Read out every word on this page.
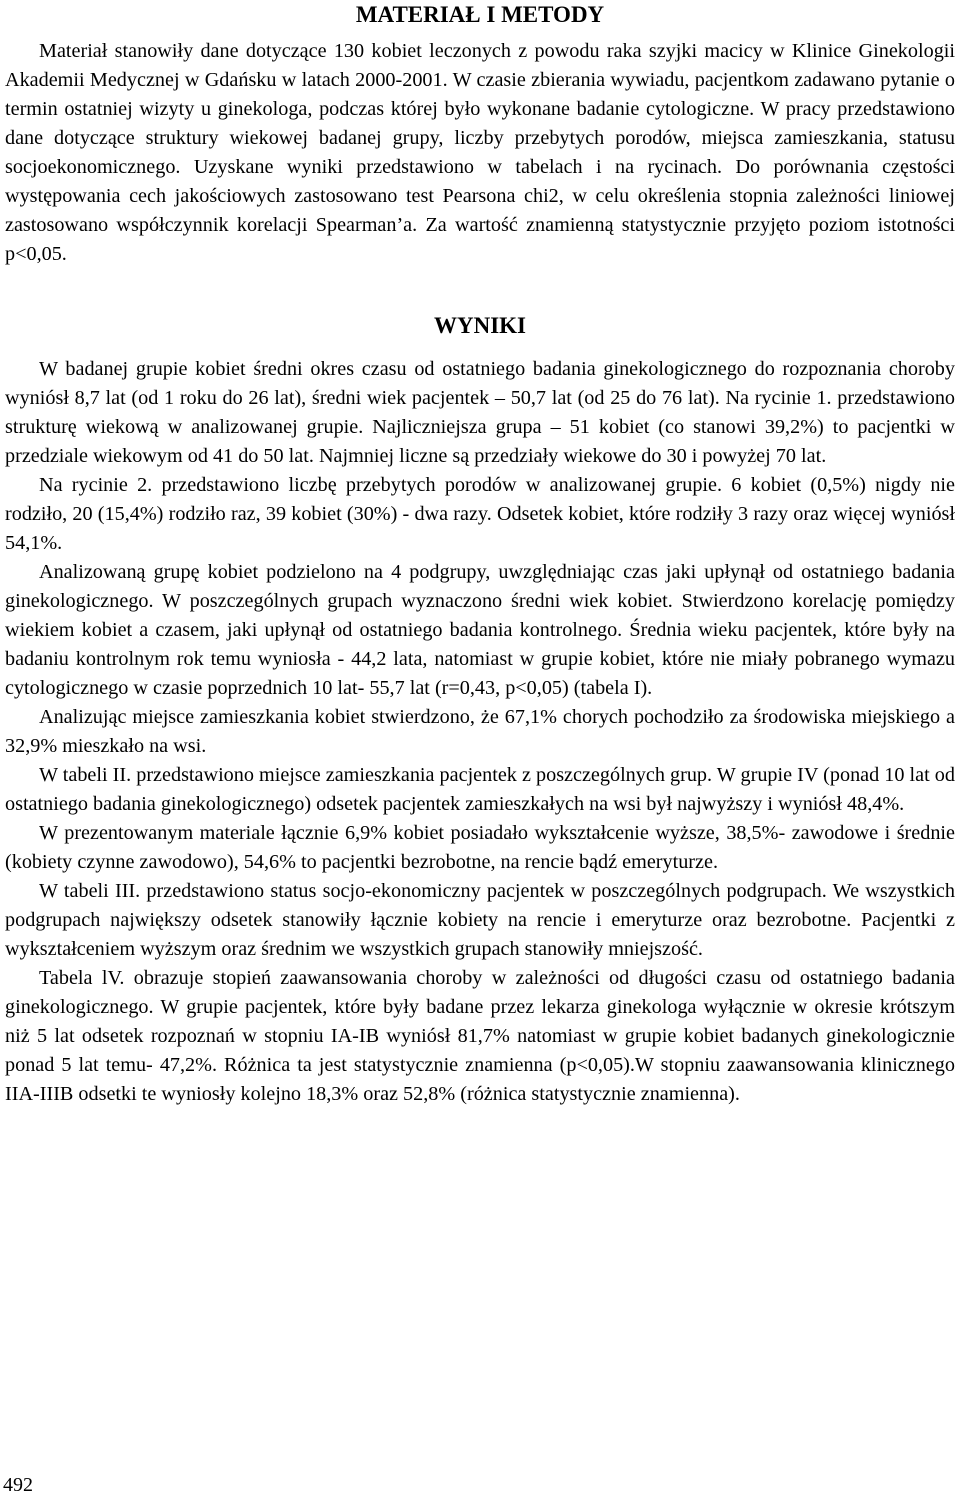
MATERIAŁ I METODY

Materiał stanowiły dane dotyczące 130 kobiet leczonych z powodu raka szyjki macicy w Klinice Ginekologii Akademii Medycznej w Gdańsku w latach 2000-2001. W czasie zbierania wywiadu, pacjentkom zadawano pytanie o termin ostatniej wizyty u ginekologa, podczas której było wykonane badanie cytologiczne. W pracy przedstawiono dane dotyczące struktury wiekowej badanej grupy, liczby przebytych porodów, miejsca zamieszkania, statusu socjoekonomicznego. Uzyskane wyniki przedstawiono w tabelach i na rycinach. Do porównania częstości występowania cech jakościowych zastosowano test Pearsona chi2, w celu określenia stopnia zależności liniowej zastosowano współczynnik korelacji Spearman’a. Za wartość znamienną statystycznie przyjęto poziom istotności p<0,05.

WYNIKI

W badanej grupie kobiet średni okres czasu od ostatniego badania ginekologicznego do rozpoznania choroby wyniósł 8,7 lat (od 1 roku do 26 lat), średni wiek pacjentek – 50,7 lat (od 25 do 76 lat). Na rycinie 1. przedstawiono strukturę wiekową w analizowanej grupie. Najliczniejsza grupa – 51 kobiet (co stanowi 39,2%) to pacjentki w przedziale wiekowym od 41 do 50 lat. Najmniej liczne są przedziały wiekowe do 30 i powyżej 70 lat.

Na rycinie 2. przedstawiono liczbę przebytych porodów w analizowanej grupie. 6 kobiet (0,5%) nigdy nie rodziło, 20 (15,4%) rodziło raz, 39 kobiet (30%) - dwa razy. Odsetek kobiet, które rodziły 3 razy oraz więcej wyniósł 54,1%.

Analizowaną grupę kobiet podzielono na 4 podgrupy, uwzględniając czas jaki upłynął od ostatniego badania ginekologicznego. W poszczególnych grupach wyznaczono średni wiek kobiet. Stwierdzono korelację pomiędzy wiekiem kobiet a czasem, jaki upłynął od ostatniego badania kontrolnego. Średnia wieku pacjentek, które były na badaniu kontrolnym rok temu wyniosła - 44,2 lata, natomiast w grupie kobiet, które nie miały pobranego wymazu cytologicznego w czasie poprzednich 10 lat- 55,7 lat (r=0,43, p<0,05) (tabela I).

Analizując miejsce zamieszkania kobiet stwierdzono, że 67,1% chorych pochodziło za środowiska miejskiego a 32,9% mieszkało na wsi.

W tabeli II. przedstawiono miejsce zamieszkania pacjentek z poszczególnych grup. W grupie IV (ponad 10 lat od ostatniego badania ginekologicznego) odsetek pacjentek zamieszkałych na wsi był najwyższy i wyniósł 48,4%.

W prezentowanym materiale łącznie 6,9% kobiet posiadało wykształcenie wyższe, 38,5%- zawodowe i średnie (kobiety czynne zawodowo), 54,6% to pacjentki bezrobotne, na rencie bądź emeryturze.

W tabeli III. przedstawiono status socjo-ekonomiczny pacjentek w poszczególnych podgrupach. We wszystkich podgrupach największy odsetek stanowiły łącznie kobiety na rencie i emeryturze oraz bezrobotne. Pacjentki z wykształceniem wyższym oraz średnim we wszystkich grupach stanowiły mniejszość.

Tabela lV. obrazuje stopień zaawansowania choroby w zależności od długości czasu od ostatniego badania ginekologicznego. W grupie pacjentek, które były badane przez lekarza ginekologa wyłącznie w okresie krótszym niż 5 lat odsetek rozpoznań w stopniu IA-IB wyniósł 81,7% natomiast w grupie kobiet badanych ginekologicznie ponad 5 lat temu- 47,2%. Różnica ta jest statystycznie znamienna (p<0,05).W stopniu zaawansowania klinicznego IIA-IIIB odsetki te wyniosły kolejno 18,3% oraz 52,8% (różnica statystycznie znamienna).

492
